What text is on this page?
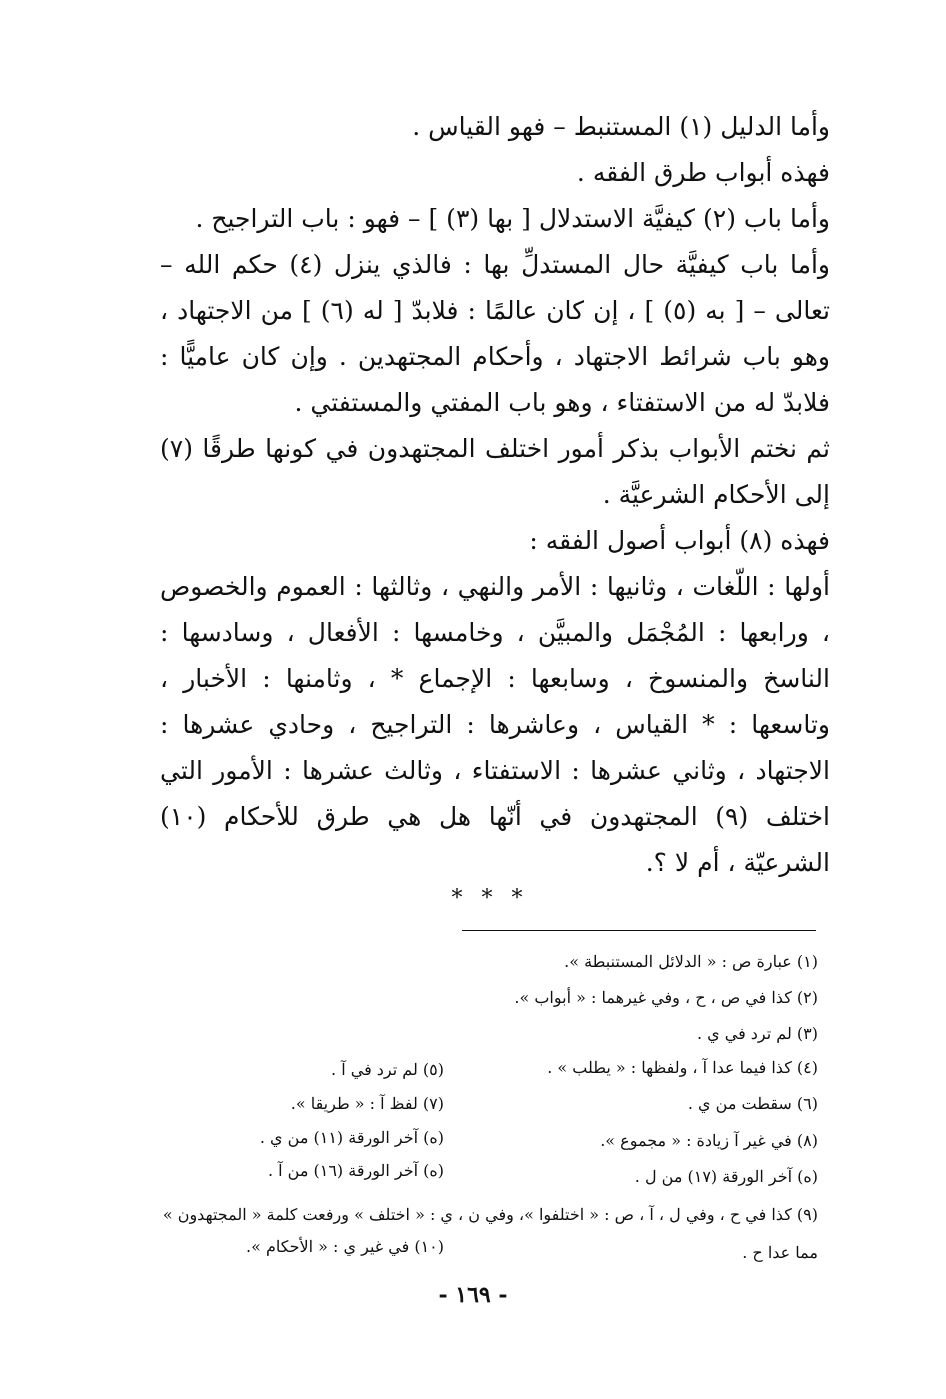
وأما الدليل (١) المستنبط – فهو القياس .

فهذه أبواب طرق الفقه .

وأما باب (٢) كيفيَّة الاستدلال [ بها (٣) ] – فهو : باب التراجيح .

وأما باب كيفيَّة حال المستدلِّ بها : فالذي ينزل (٤) حكم الله – تعالى – [ به (٥) ] ، إن كان عالمًا : فلابدّ [ له (٦) ] من الاجتهاد ، وهو باب شرائط الاجتهاد ، وأحكام المجتهدين . وإن كان عاميًّا : فلابدّ له من الاستفتاء ، وهو باب المفتي والمستفتي .

ثم نختم الأبواب بذكر أمور اختلف المجتهدون في كونها طرقًا (٧) إلى الأحكام الشرعيَّة .

فهذه (٨) أبواب أصول الفقه :

أولها : اللّغات ، وثانيها : الأمر والنهي ، وثالثها : العموم والخصوص ، ورابعها : المُجْمَل والمبيَّن ، وخامسها : الأفعال ، وسادسها : الناسخ والمنسوخ ، وسابعها : الإجماع * ، وثامنها : الأخبار ، وتاسعها : * القياس ، وعاشرها : التراجيح ، وحادي عشرها : الاجتهاد ، وثاني عشرها : الاستفتاء ، وثالث عشرها : الأمور التي اختلف (٩) المجتهدون في أنّها هل هي طرق للأحكام (١٠) الشرعيّة ، أم لا ؟.

* * *
(١) عبارة ص : « الدلائل المستنبطة ».
(٢) كذا في ص ، ح ، وفي غيرهما : « أبواب ».
(٣) لم ترد في ي .
(٤) كذا فيما عدا آ ، ولفظها : « يطلب » .
(٥) لم ترد في آ .
(٦) سقطت من ي .
(٧) لفظ آ : « طريقا ».
(٨) في غير آ زيادة : « مجموع ».
(ه) آخر الورقة (١١) من ي .
(ه) آخر الورقة (١٧) من ل .
(ه) آخر الورقة (١٦) من آ .
(٩) كذا في ح ، وفي ل ، آ ، ص : « اختلفوا »، وفي ن ، ي : « اختلف » ورفعت كلمة « المجتهدون » مما عدا ح .
(١٠) في غير ي : « الأحكام ».
- ١٦٩ -
